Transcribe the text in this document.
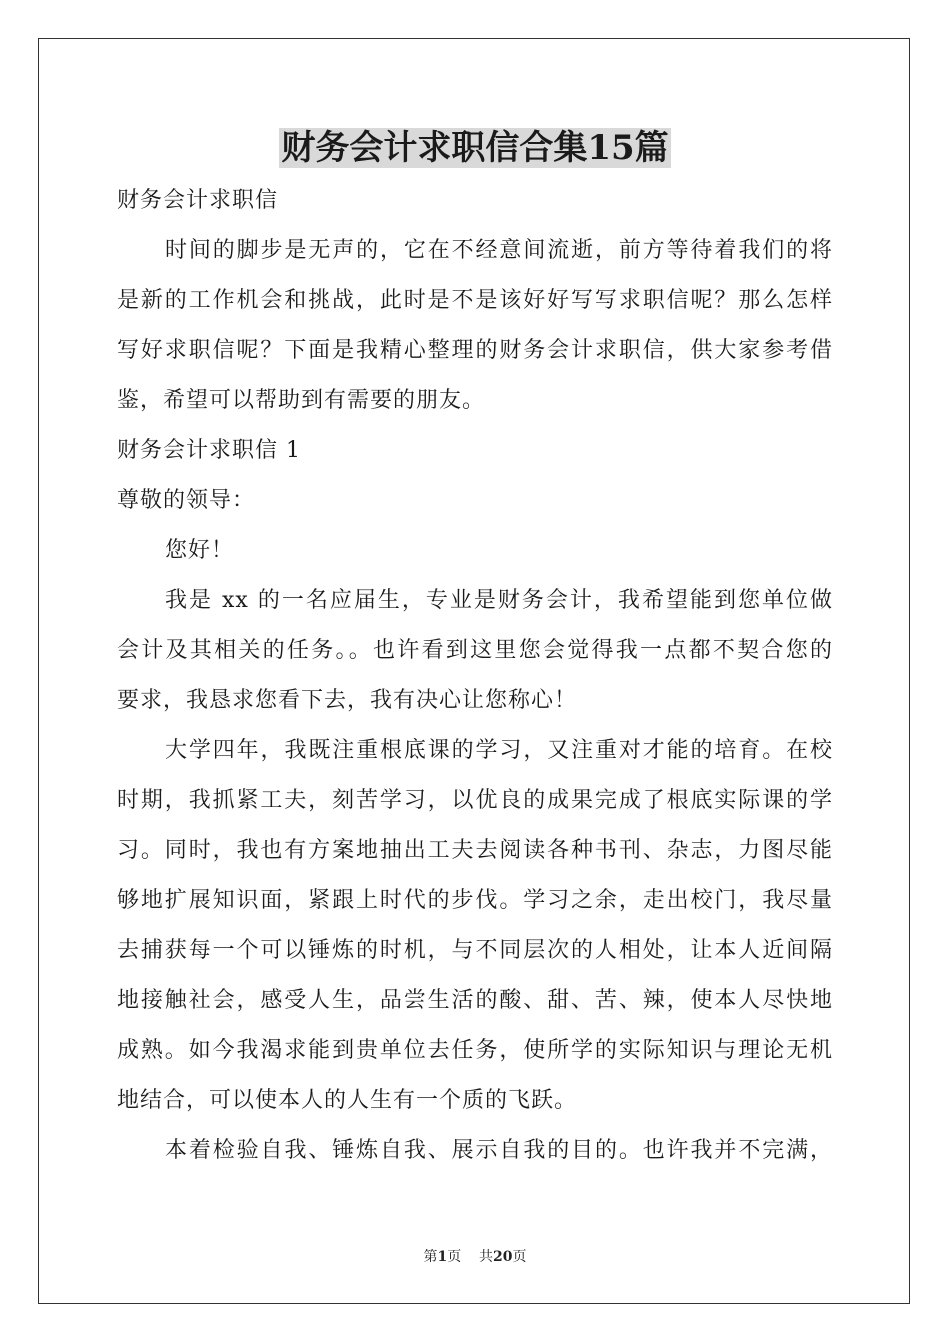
财务会计求职信合集15篇
财务会计求职信
时间的脚步是无声的，它在不经意间流逝，前方等待着我们的将
是新的工作机会和挑战，此时是不是该好好写写求职信呢？那么怎样
写好求职信呢？下面是我精心整理的财务会计求职信，供大家参考借
鉴，希望可以帮助到有需要的朋友。
财务会计求职信 1
尊敬的领导：
您好！
我是 xx 的一名应届生，专业是财务会计，我希望能到您单位做
会计及其相关的任务。。也许看到这里您会觉得我一点都不契合您的
要求，我恳求您看下去，我有决心让您称心！
大学四年，我既注重根底课的学习，又注重对才能的培育。在校
时期，我抓紧工夫，刻苦学习，以优良的成果完成了根底实际课的学
习。同时，我也有方案地抽出工夫去阅读各种书刊、杂志，力图尽能
够地扩展知识面，紧跟上时代的步伐。学习之余，走出校门，我尽量
去捕获每一个可以锤炼的时机，与不同层次的人相处，让本人近间隔
地接触社会，感受人生，品尝生活的酸、甜、苦、辣，使本人尽快地
成熟。如今我渴求能到贵单位去任务，使所学的实际知识与理论无机
地结合，可以使本人的人生有一个质的飞跃。
本着检验自我、锤炼自我、展示自我的目的。也许我并不完满，
第1页 共20页
